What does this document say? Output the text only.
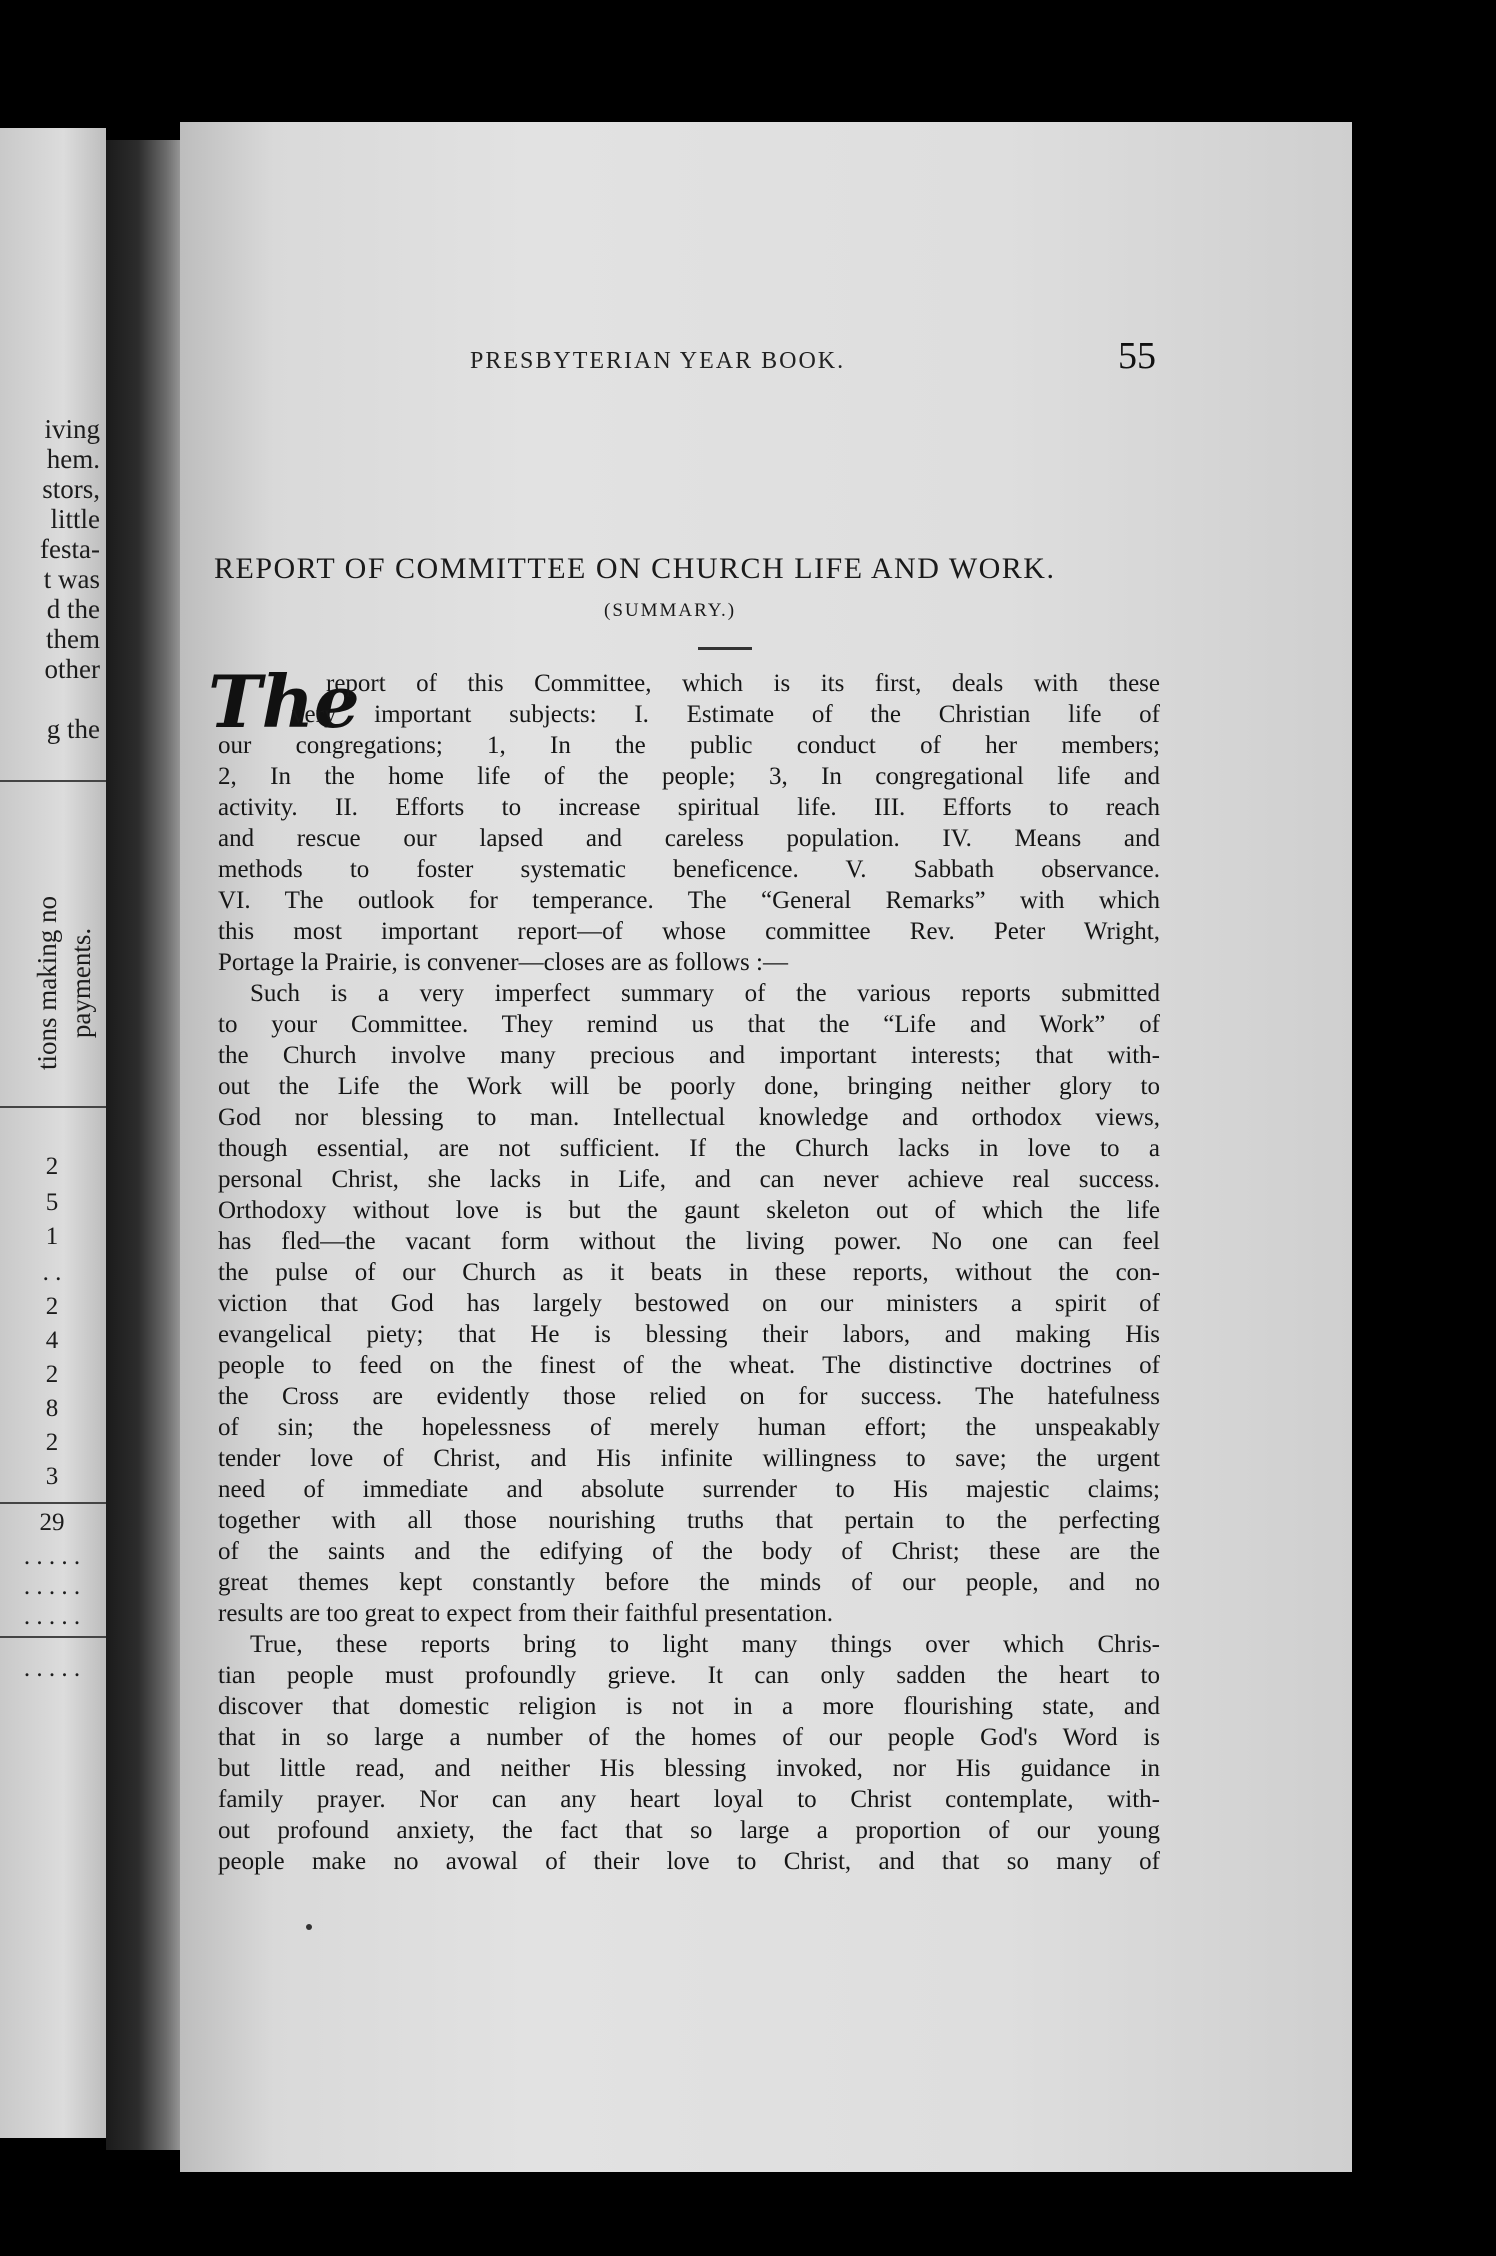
iving
hem.
stors,
little
festa-
t was
d the
them
other
g the
tions making no payments.
2
5
1
. .
2
4
2
8
2
3
29
. . . . .
. . . . .
. . . . .
. . . . .
PRESBYTERIAN YEAR BOOK.	55
REPORT OF COMMITTEE ON CHURCH LIFE AND WORK.
(SUMMARY.)
The
report of this Committee, which is its first, deals with these
very important subjects: I. Estimate of the Christian life of
our congregations; 1, In the public conduct of her members;
2, In the home life of the people; 3, In congregational life and
activity. II. Efforts to increase spiritual life. III. Efforts to reach
and rescue our lapsed and careless population. IV. Means and
methods to foster systematic beneficence. V. Sabbath observance.
VI. The outlook for temperance. The “General Remarks” with which
this most important report—of whose committee Rev. Peter Wright,
Portage la Prairie, is convener—closes are as follows :—
Such is a very imperfect summary of the various reports submitted
to your Committee. They remind us that the “Life and Work” of
the Church involve many precious and important interests; that with-
out the Life the Work will be poorly done, bringing neither glory to
God nor blessing to man. Intellectual knowledge and orthodox views,
though essential, are not sufficient. If the Church lacks in love to a
personal Christ, she lacks in Life, and can never achieve real success.
Orthodoxy without love is but the gaunt skeleton out of which the life
has fled—the vacant form without the living power. No one can feel
the pulse of our Church as it beats in these reports, without the con-
viction that God has largely bestowed on our ministers a spirit of
evangelical piety; that He is blessing their labors, and making His
people to feed on the finest of the wheat. The distinctive doctrines of
the Cross are evidently those relied on for success. The hatefulness
of sin; the hopelessness of merely human effort; the unspeakably
tender love of Christ, and His infinite willingness to save; the urgent
need of immediate and absolute surrender to His majestic claims;
together with all those nourishing truths that pertain to the perfecting
of the saints and the edifying of the body of Christ; these are the
great themes kept constantly before the minds of our people, and no
results are too great to expect from their faithful presentation.
True, these reports bring to light many things over which Chris-
tian people must profoundly grieve. It can only sadden the heart to
discover that domestic religion is not in a more flourishing state, and
that in so large a number of the homes of our people God's Word is
but little read, and neither His blessing invoked, nor His guidance in
family prayer. Nor can any heart loyal to Christ contemplate, with-
out profound anxiety, the fact that so large a proportion of our young
people make no avowal of their love to Christ, and that so many of
